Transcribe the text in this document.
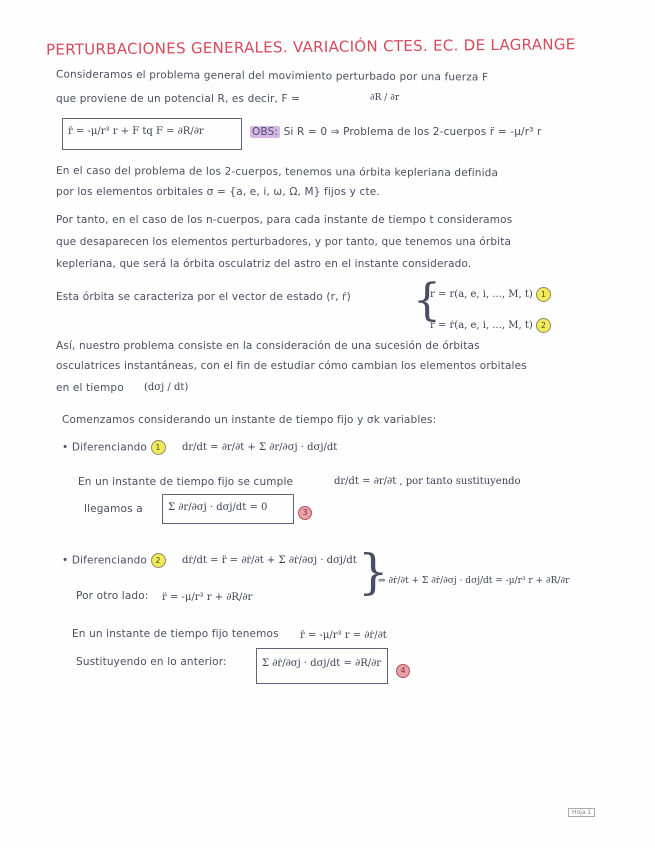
PERTURBACIONES GENERALES. VARIACIÓN CTES. EC. DE LAGRANGE
Consideramos el problema general del movimiento perturbado por una fuerza F
que proviene de un potencial R, es decir, F =	∂R / ∂r
r̈ = -μ/r³ r + F tq F = ∂R/∂r	OBS: Si R = 0 ⇒ Problema de los 2-cuerpos r̈ = -μ/r³ r
En el caso del problema de los 2-cuerpos, tenemos una órbita kepleriana definida
por los elementos orbitales σ = {a, e, i, ω, Ω, M} fijos y cte.
Por tanto, en el caso de los n-cuerpos, para cada instante de tiempo t consideramos
que desaparecen los elementos perturbadores, y por tanto, que tenemos una órbita
kepleriana, que será la órbita osculatriz del astro en el instante considerado.
Esta órbita se caracteriza por el vector de estado (r, ṙ) {
r = r(a, e, i, ..., M, t) 1
ṙ = ṙ(a, e, i, ..., M, t) 2
Así, nuestro problema consiste en la consideración de una sucesión de órbitas
osculatrices instantáneas, con el fin de estudiar cómo cambian los elementos orbitales
en el tiempo (dσj / dt)
Comenzamos considerando un instante de tiempo fijo y σk variables:
• Diferenciando 1	dr/dt = ∂r/∂t + Σ ∂r/∂σj · dσj/dt
En un instante de tiempo fijo se cumple	dr/dt = ∂r/∂t , por tanto sustituyendo
llegamos a	Σ ∂r/∂σj · dσj/dt = 0	3
• Diferenciando 2	dṙ/dt = r̈ = ∂ṙ/∂t + Σ ∂ṙ/∂σj · dσj/dt
Por otro lado: r̈ = -μ/r³ r + ∂R/∂r }
⇒ ∂ṙ/∂t + Σ ∂ṙ/∂σj · dσj/dt = -μ/r³ r + ∂R/∂r
En un instante de tiempo fijo tenemos r̈ = -μ/r³ r = ∂ṙ/∂t
Sustituyendo en lo anterior:	Σ ∂ṙ/∂σj · dσj/dt = ∂R/∂r
4
Hoja 1
